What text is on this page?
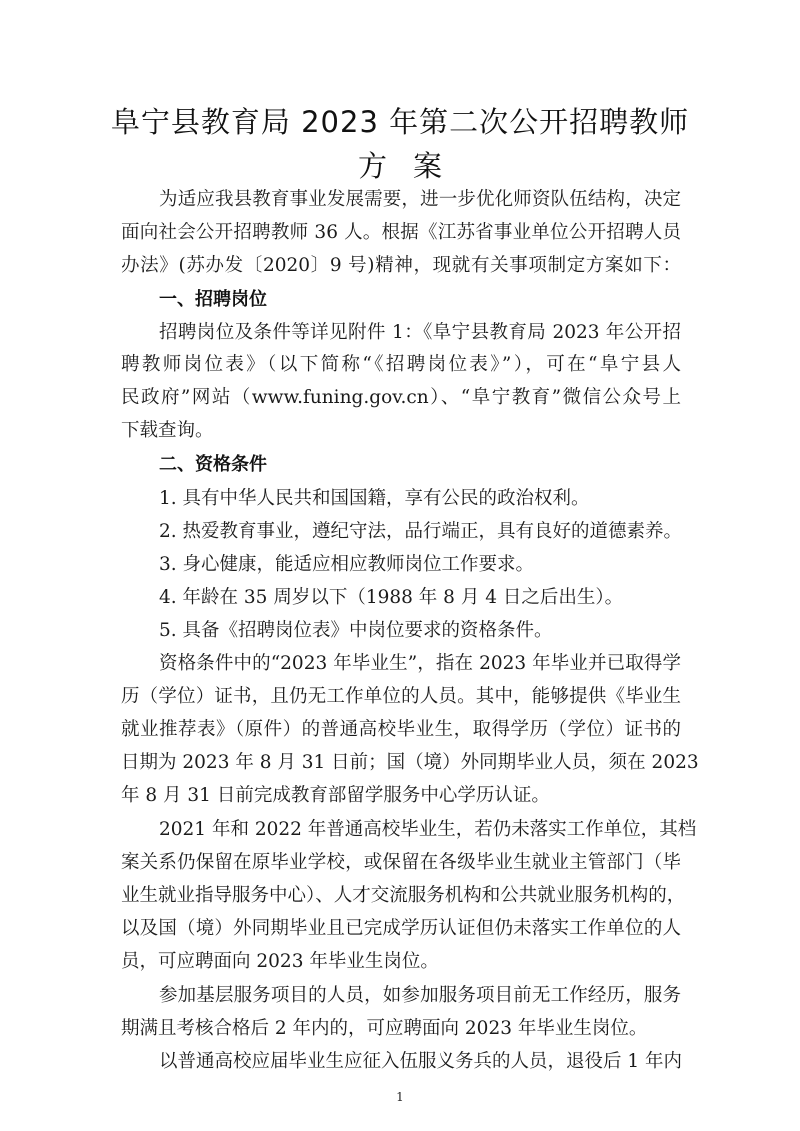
阜宁县教育局 2023 年第二次公开招聘教师
方 案
为适应我县教育事业发展需要，进一步优化师资队伍结构，决定
面向社会公开招聘教师 36 人。根据《江苏省事业单位公开招聘人员
办法》(苏办发〔2020〕9 号)精神，现就有关事项制定方案如下：
一、招聘岗位
招聘岗位及条件等详见附件 1：《阜宁县教育局 2023 年公开招
聘教师岗位表》（以下简称“《招聘岗位表》”），可在“阜宁县人
民政府”网站（www.funing.gov.cn）、“阜宁教育”微信公众号上
下载查询。
二、资格条件
1. 具有中华人民共和国国籍，享有公民的政治权利。
2. 热爱教育事业，遵纪守法，品行端正，具有良好的道德素养。
3. 身心健康，能适应相应教师岗位工作要求。
4. 年龄在 35 周岁以下（1988 年 8 月 4 日之后出生）。
5. 具备《招聘岗位表》中岗位要求的资格条件。
资格条件中的“2023 年毕业生”，指在 2023 年毕业并已取得学
历（学位）证书，且仍无工作单位的人员。其中，能够提供《毕业生
就业推荐表》（原件）的普通高校毕业生，取得学历（学位）证书的
日期为 2023 年 8 月 31 日前；国（境）外同期毕业人员，须在 2023
年 8 月 31 日前完成教育部留学服务中心学历认证。
2021 年和 2022 年普通高校毕业生，若仍未落实工作单位，其档
案关系仍保留在原毕业学校，或保留在各级毕业生就业主管部门（毕
业生就业指导服务中心）、人才交流服务机构和公共就业服务机构的，
以及国（境）外同期毕业且已完成学历认证但仍未落实工作单位的人
员，可应聘面向 2023 年毕业生岗位。
参加基层服务项目的人员，如参加服务项目前无工作经历，服务
期满且考核合格后 2 年内的，可应聘面向 2023 年毕业生岗位。
以普通高校应届毕业生应征入伍服义务兵的人员，退役后 1 年内
1
